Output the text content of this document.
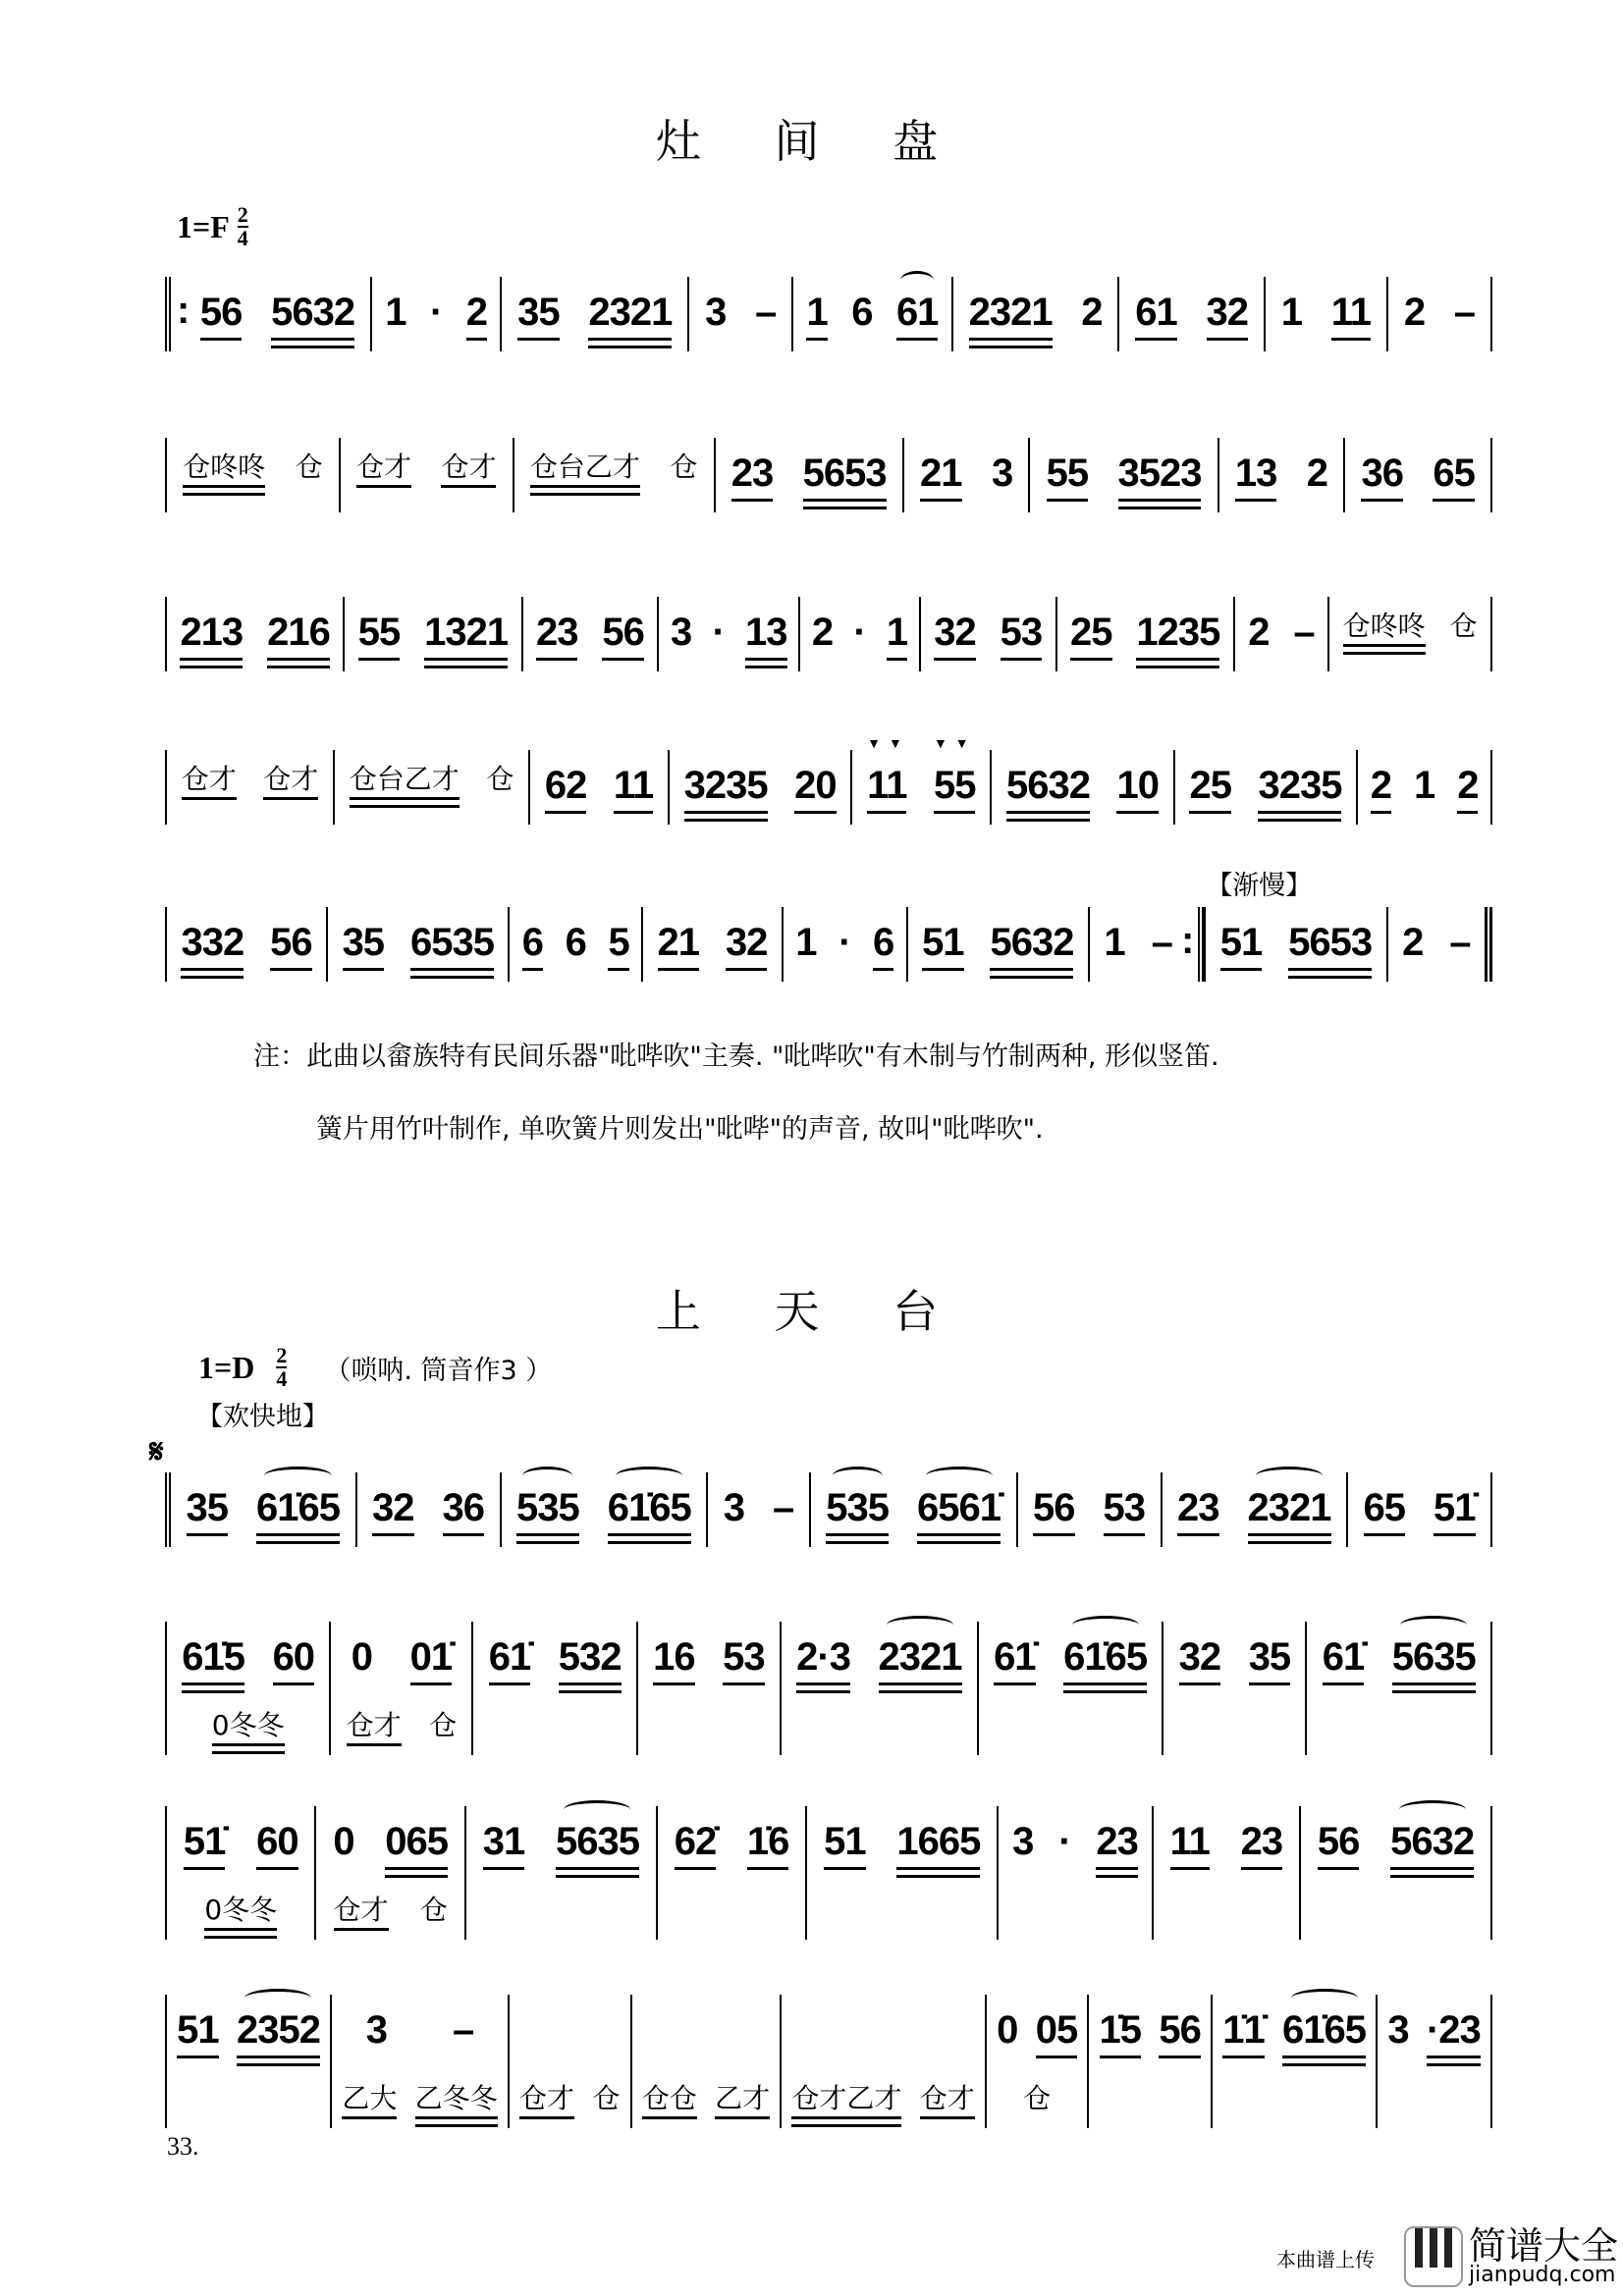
灶 间 盘
$1=F \frac{2}{4}$
: 56 5632 1 · 2 35 2321 3 – 1 6 61 2321 2 61 32 1 11 2 –
仓咚咚 仓 仓才 仓才 仓台乙才 仓 23 5653 21 3 55 3523 13 2 36 65
213 216 55 1321 23 56 3 · 13 2 · 1 32 53 25 1235 2 – 仓咚咚 仓
仓才 仓才 仓台乙才 仓 62 11 3235 20 11
▼▼
55
▼▼
5632 10 25 3235 2 1 2
332 56 35 6535 6 6 5 21 32 1 · 6 51 5632 1 –
:
【渐慢】
51 5653 2 –
注：此曲以畲族特有民间乐器"吡哔吹"主奏. "吡哔吹"有木制与竹制两种, 形似竖笛.
簧片用竹叶制作, 单吹簧片则发出"吡哔"的声音, 故叫"吡哔吹".
上 天 台
$1=D \frac{2}{4}$ （唢呐. 筒音作3 ）
【欢快地】
𝄋
35 61̇65 32 36 535 61̇65 3 – 535 6561̇ 56 53 23 2321 65 51̇
61̇5 60
0冬冬
0 01̇
仓才 仓
61̇ 532 16 53 2·3 2321 61̇ 61̇65 32 35 61̇ 5635
51̇ 60
0冬冬
0 065
仓才 仓
31 5635 62̇ 1̇6 51 1665 3 · 23 11 23 56 5632
51 2352 3 –
乙大 乙冬冬 仓才 仓 仓仓 乙才 仓才乙才 仓才
0 05
仓
1̇5 56 1̇1̇ 61̇65 3 ·23
33.
本曲谱上传	简谱大全
jianpudq.com
